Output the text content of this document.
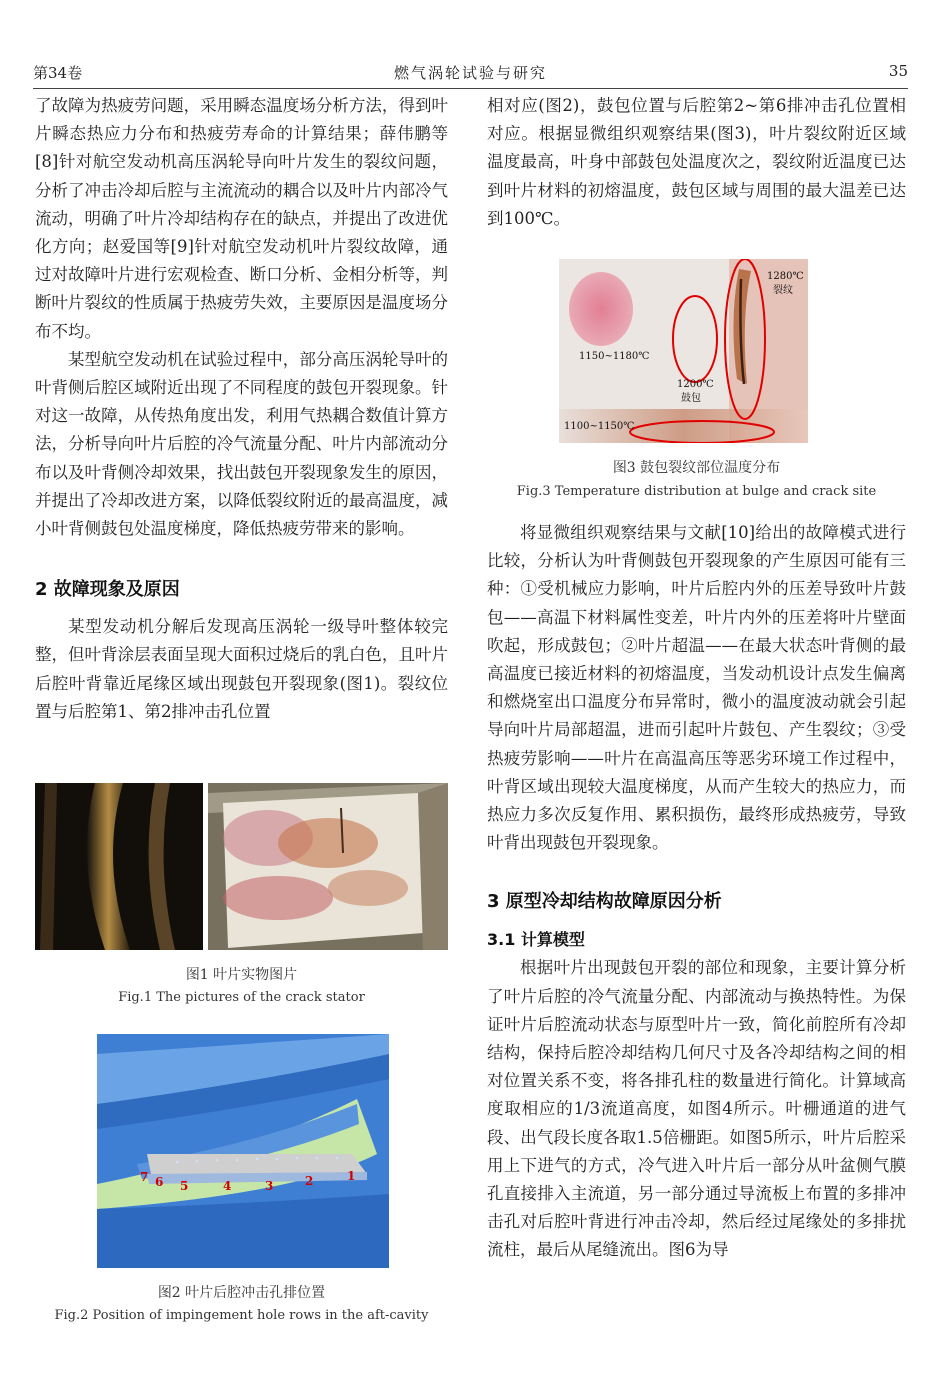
第34卷	燃气涡轮试验与研究	35

了故障为热疲劳问题，采用瞬态温度场分析方法，得到叶片瞬态热应力分布和热疲劳寿命的计算结果；薛伟鹏等[8]针对航空发动机高压涡轮导向叶片发生的裂纹问题，分析了冲击冷却后腔与主流流动的耦合以及叶片内部冷气流动，明确了叶片冷却结构存在的缺点，并提出了改进优化方向；赵爱国等[9]针对航空发动机叶片裂纹故障，通过对故障叶片进行宏观检查、断口分析、金相分析等，判断叶片裂纹的性质属于热疲劳失效，主要原因是温度场分布不均。

某型航空发动机在试验过程中，部分高压涡轮导叶的叶背侧后腔区域附近出现了不同程度的鼓包开裂现象。针对这一故障，从传热角度出发，利用气热耦合数值计算方法，分析导向叶片后腔的冷气流量分配、叶片内部流动分布以及叶背侧冷却效果，找出鼓包开裂现象发生的原因，并提出了冷却改进方案，以降低裂纹附近的最高温度，减小叶背侧鼓包处温度梯度，降低热疲劳带来的影响。

2 故障现象及原因

某型发动机分解后发现高压涡轮一级导叶整体较完整，但叶背涂层表面呈现大面积过烧后的乳白色，且叶片后腔叶背靠近尾缘区域出现鼓包开裂现象(图1)。裂纹位置与后腔第1、第2排冲击孔位置

图1 叶片实物图片
Fig.1 The pictures of the crack stator
7 6 5	4	3	2	1
图2 叶片后腔冲击孔排位置
Fig.2 Position of impingement hole rows in the aft-cavity

相对应(图2)，鼓包位置与后腔第2~第6排冲击孔位置相对应。根据显微组织观察结果(图3)，叶片裂纹附近区域温度最高，叶身中部鼓包处温度次之，裂纹附近温度已达到叶片材料的初熔温度，鼓包区域与周围的最大温差已达到100℃。

1280℃
裂纹
1150~1180℃
1200℃
鼓包
1100~1150℃
图3 鼓包裂纹部位温度分布
Fig.3 Temperature distribution at bulge and crack site

将显微组织观察结果与文献[10]给出的故障模式进行比较，分析认为叶背侧鼓包开裂现象的产生原因可能有三种：①受机械应力影响，叶片后腔内外的压差导致叶片鼓包——高温下材料属性变差，叶片内外的压差将叶片壁面吹起，形成鼓包；②叶片超温——在最大状态叶背侧的最高温度已接近材料的初熔温度，当发动机设计点发生偏离和燃烧室出口温度分布异常时，微小的温度波动就会引起导向叶片局部超温，进而引起叶片鼓包、产生裂纹；③受热疲劳影响——叶片在高温高压等恶劣环境工作过程中，叶背区域出现较大温度梯度，从而产生较大的热应力，而热应力多次反复作用、累积损伤，最终形成热疲劳，导致叶背出现鼓包开裂现象。

3 原型冷却结构故障原因分析
3.1 计算模型

根据叶片出现鼓包开裂的部位和现象，主要计算分析了叶片后腔的冷气流量分配、内部流动与换热特性。为保证叶片后腔流动状态与原型叶片一致，简化前腔所有冷却结构，保持后腔冷却结构几何尺寸及各冷却结构之间的相对位置关系不变，将各排孔柱的数量进行简化。计算域高度取相应的1/3流道高度，如图4所示。叶栅通道的进气段、出气段长度各取1.5倍栅距。如图5所示，叶片后腔采用上下进气的方式，冷气进入叶片后一部分从叶盆侧气膜孔直接排入主流道，另一部分通过导流板上布置的多排冲击孔对后腔叶背进行冲击冷却，然后经过尾缘处的多排扰流柱，最后从尾缝流出。图6为导
